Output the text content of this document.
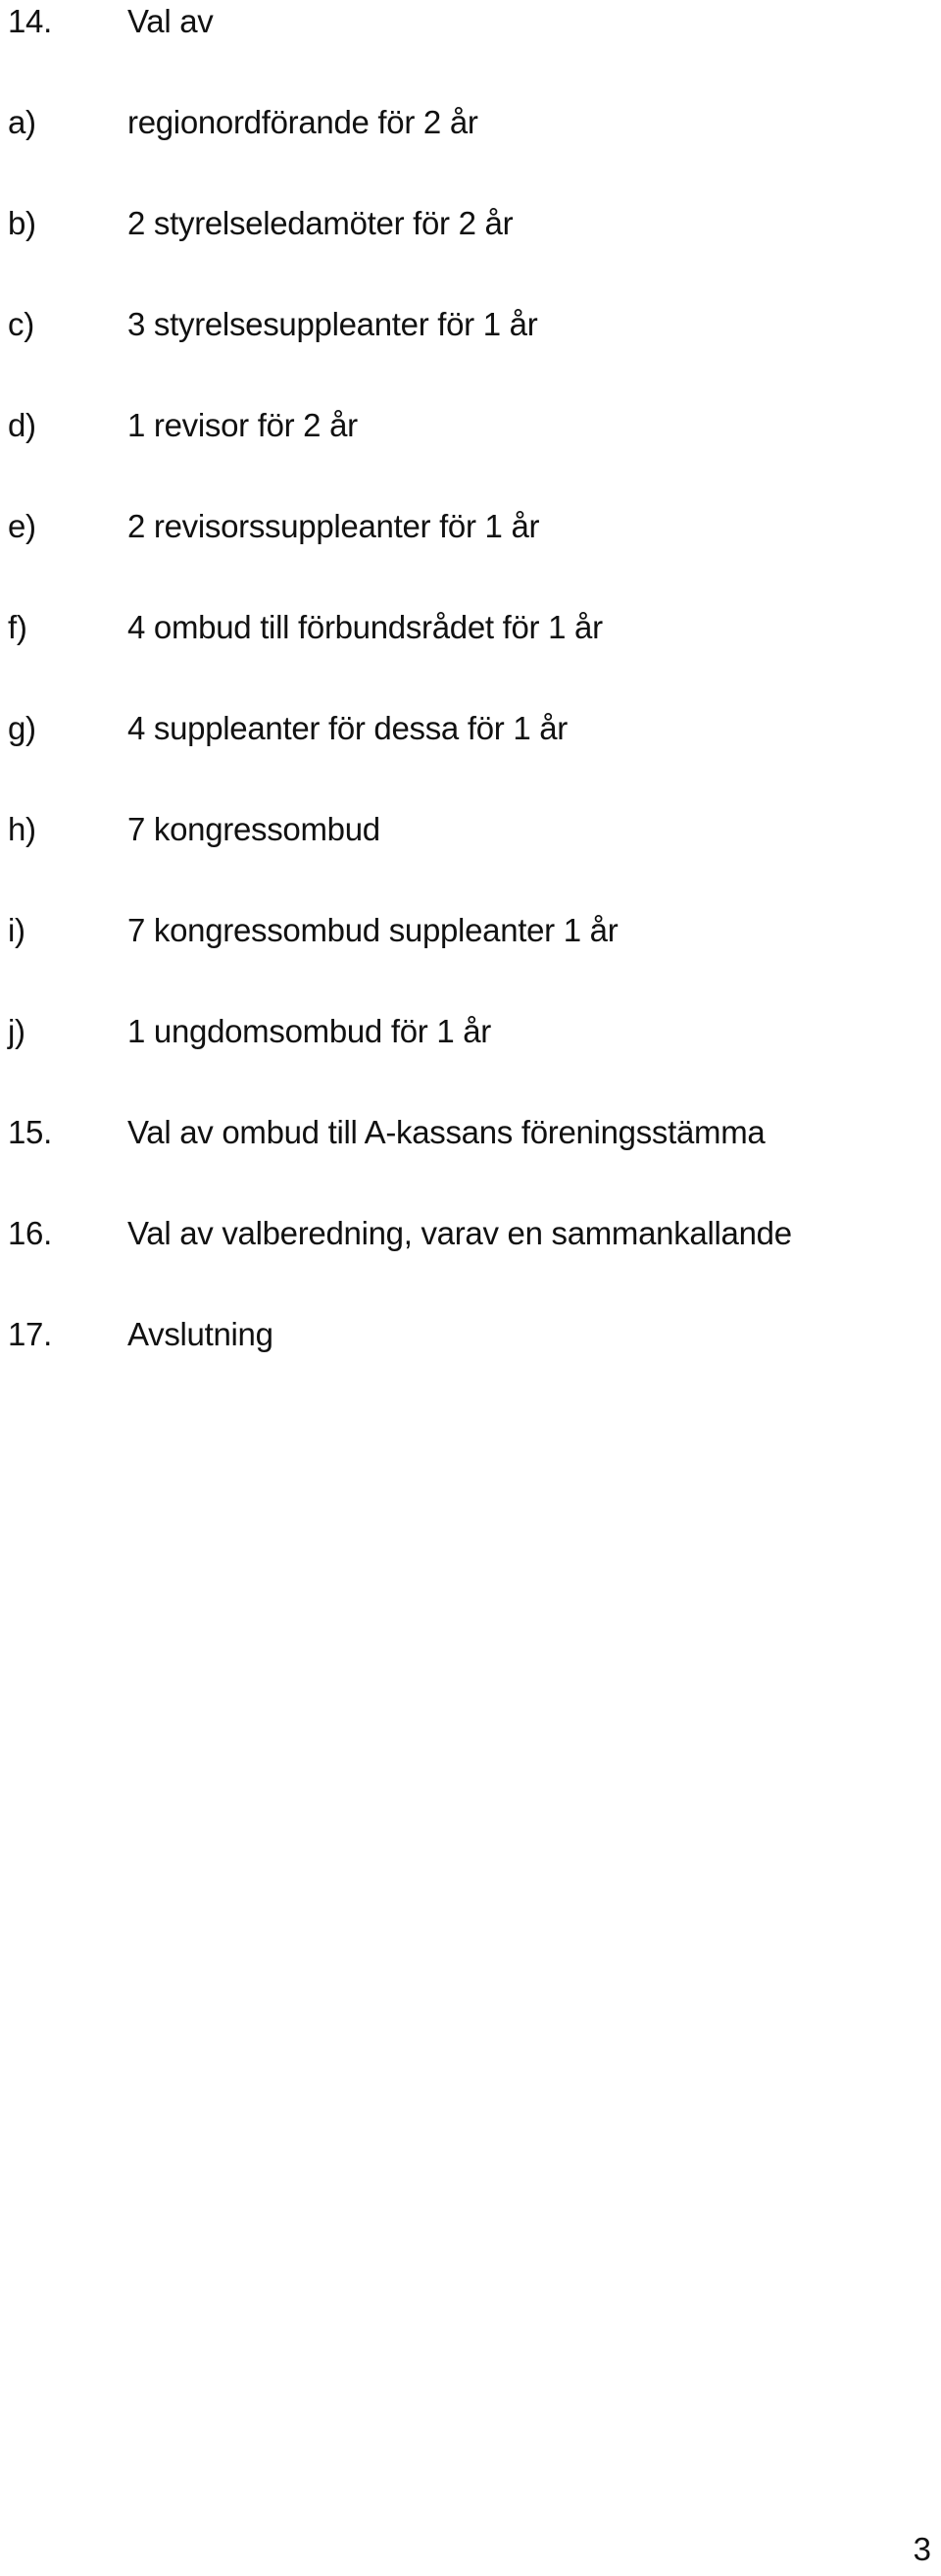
14. Val av
a)	regionordförande för 2 år
b)	2 styrelseledamöter för 2 år
c)	3 styrelsesuppleanter för 1 år
d)	1 revisor för 2 år
e)	2 revisorssuppleanter för 1 år
f)	4 ombud till förbundsrådet för 1 år
g)	4 suppleanter för dessa för 1 år
h)	7 kongressombud
i)	7 kongressombud suppleanter 1 år
j)	1 ungdomsombud för 1 år
15. Val av ombud till A-kassans föreningsstämma
16. Val av valberedning, varav en sammankallande
17. Avslutning
3
